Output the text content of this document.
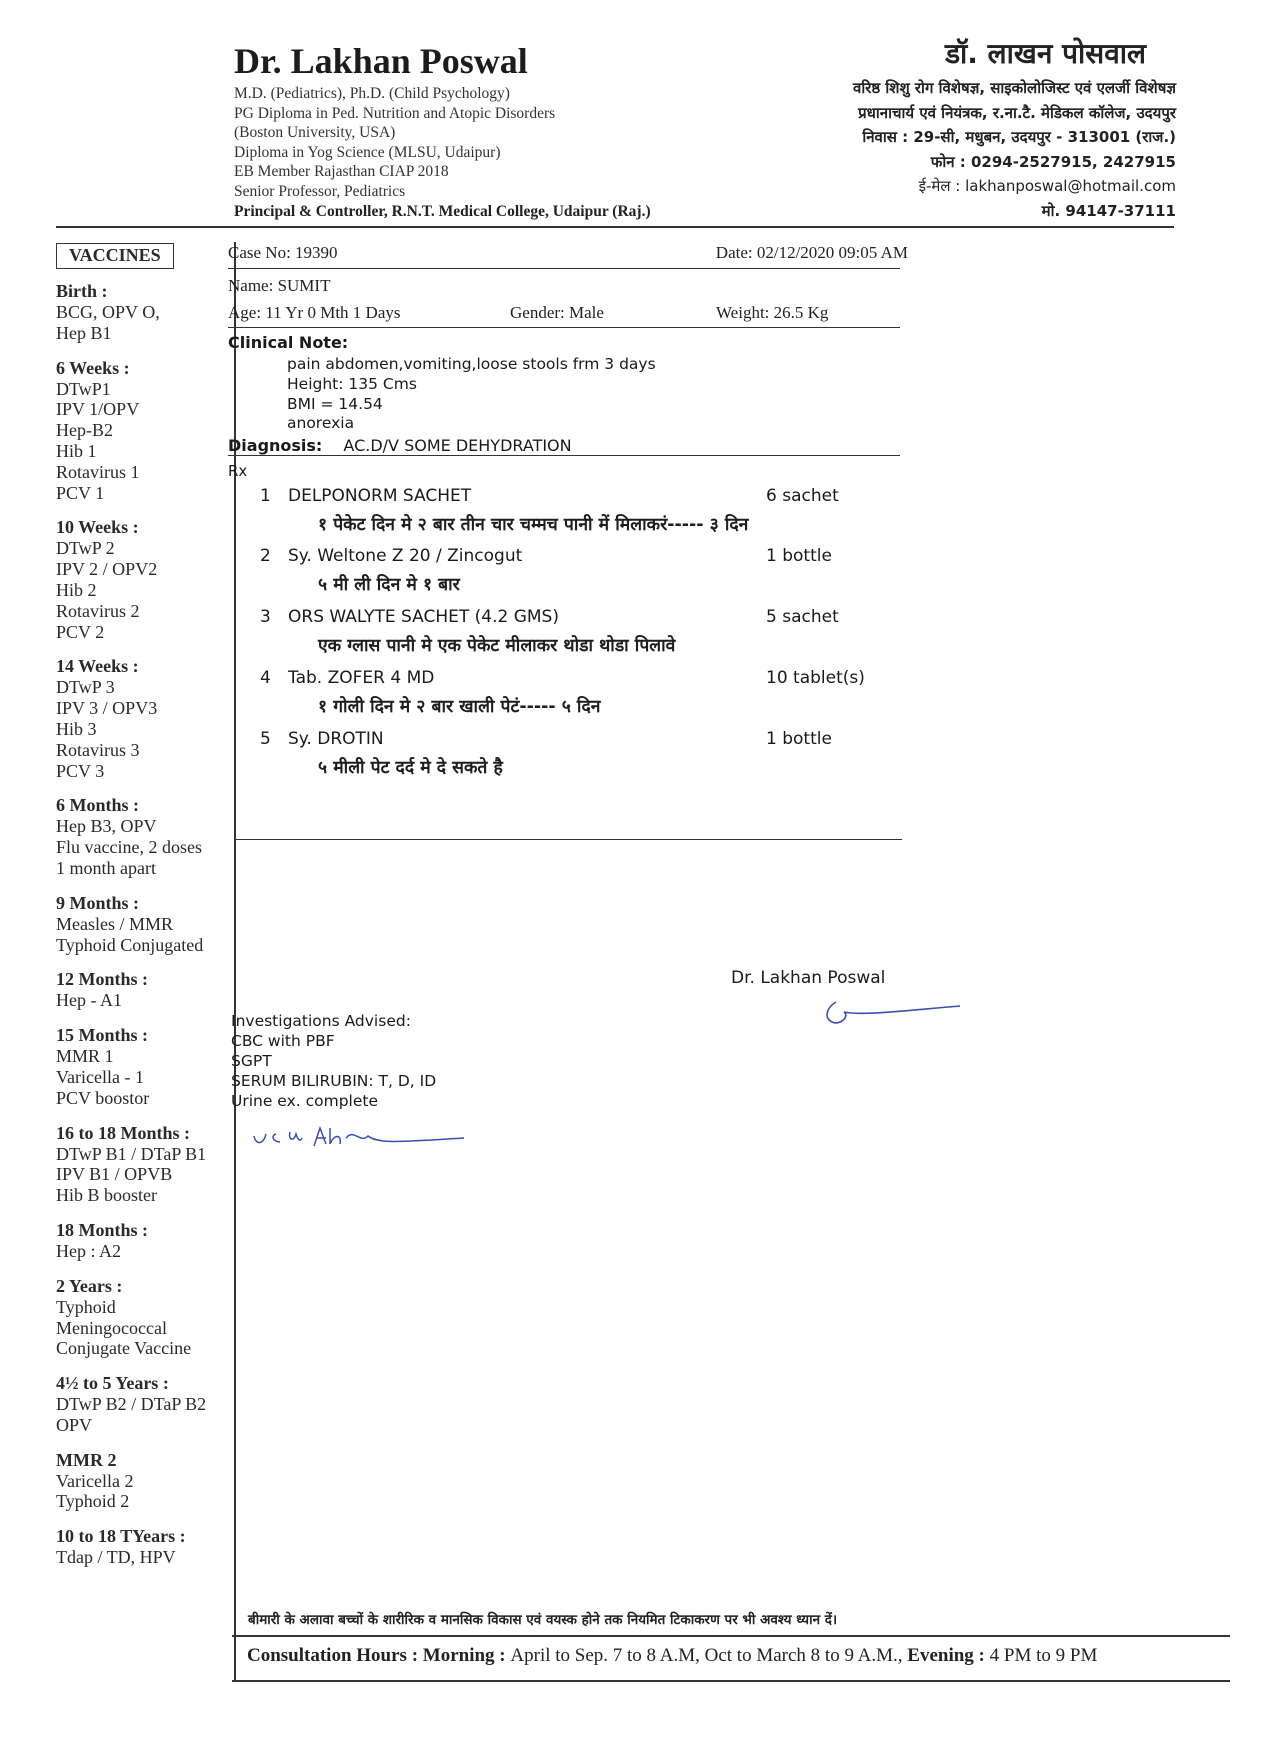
Dr. Lakhan Poswal
M.D. (Pediatrics), Ph.D. (Child Psychology)
PG Diploma in Ped. Nutrition and Atopic Disorders
(Boston University, USA)
Diploma in Yog Science (MLSU, Udaipur)
EB Member Rajasthan CIAP 2018
Senior Professor, Pediatrics
Principal & Controller, R.N.T. Medical College, Udaipur (Raj.)
डॉ. लाखन पोसवाल
वरिष्ठ शिशु रोग विशेषज्ञ, साइकोलोजिस्ट एवं एलर्जी विशेषज्ञ
प्रधानाचार्य एवं नियंत्रक, र.ना.टै. मेडिकल कॉलेज, उदयपुर
निवास : 29-सी, मधुबन, उदयपुर - 313001 (राज.)
फोन : 0294-2527915, 2427915
ई-मेल : lakhanposwal@hotmail.com
मो. 94147-37111
VACCINES
Birth :
BCG, OPV O,
Hep B1
6 Weeks :
DTwP1
IPV 1/OPV
Hep-B2
Hib 1
Rotavirus 1
PCV 1
10 Weeks :
DTwP 2
IPV 2 / OPV2
Hib 2
Rotavirus 2
PCV 2
14 Weeks :
DTwP 3
IPV 3 / OPV3
Hib 3
Rotavirus 3
PCV 3
6 Months :
Hep B3, OPV
Flu vaccine, 2 doses
1 month apart
9 Months :
Measles / MMR
Typhoid Conjugated
12 Months :
Hep - A1
15 Months :
MMR 1
Varicella - 1
PCV boostor
16 to 18 Months :
DTwP B1 / DTaP B1
IPV B1 / OPVB
Hib B booster
18 Months :
Hep : A2
2 Years :
Typhoid
Meningococcal
Conjugate Vaccine
4½ to 5 Years :
DTwP B2 / DTaP B2
OPV
MMR 2
Varicella 2
Typhoid 2
10 to 18 TYears :
Tdap / TD, HPV
Case No: 19390	Date: 02/12/2020 09:05 AM
Name: SUMIT
Age: 11 Yr 0 Mth 1 Days	Gender: Male	Weight: 26.5 Kg
Clinical Note:
pain abdomen,vomiting,loose stools frm 3 days
Height: 135 Cms
BMI = 14.54
anorexia
Diagnosis: AC.D/V SOME DEHYDRATION
Rx
1 DELPONORM SACHET	6 sachet
१ पेकेट दिन मे २ बार तीन चार चम्मच पानी में मिलाकरं----- ३ दिन
2 Sy. Weltone Z 20 / Zincogut	1 bottle
५ मी ली दिन मे १ बार
3 ORS WALYTE SACHET (4.2 GMS)	5 sachet
एक ग्लास पानी मे एक पेकेट मीलाकर थोडा थोडा पिलावे
4 Tab. ZOFER 4 MD	10 tablet(s)
१ गोली दिन मे २ बार खाली पेटं----- ५ दिन
5 Sy. DROTIN	1 bottle
५ मीली पेट दर्द मे दे सकते है
Dr. Lakhan Poswal
Investigations Advised:
CBC with PBF
SGPT
SERUM BILIRUBIN: T, D, ID
Urine ex. complete
बीमारी के अलावा बच्चों के शारीरिक व मानसिक विकास एवं वयस्क होने तक नियमित टिकाकरण पर भी अवश्य ध्यान दें।
Consultation Hours : Morning : April to Sep. 7 to 8 A.M, Oct to March 8 to 9 A.M., Evening : 4 PM to 9 PM
